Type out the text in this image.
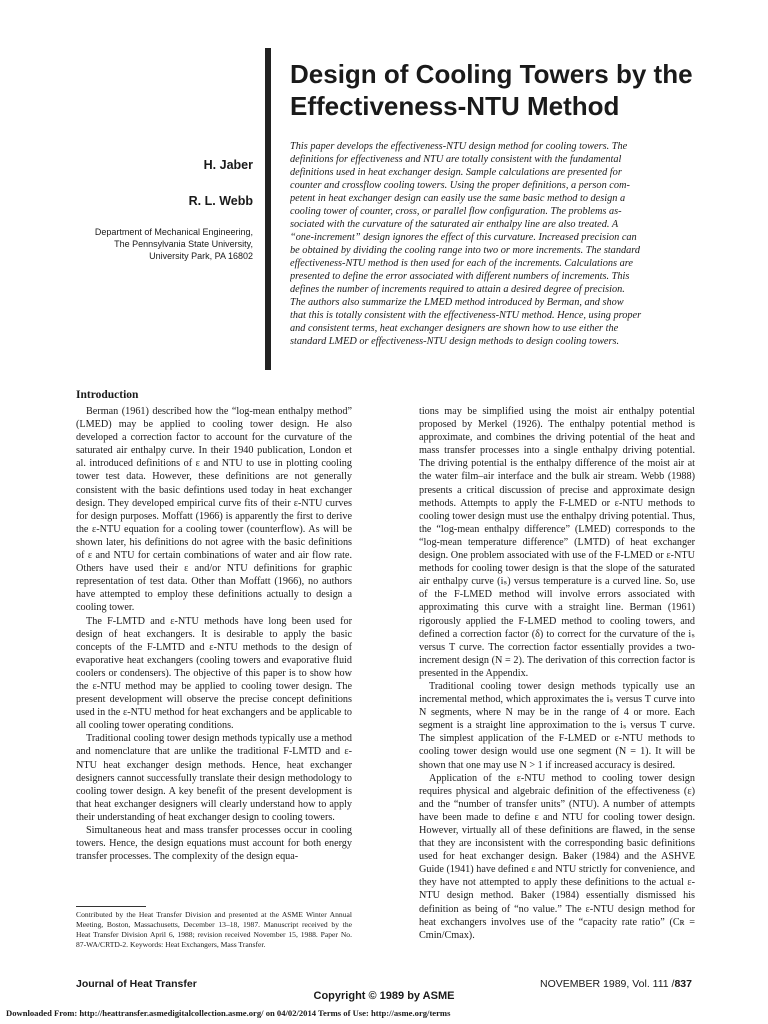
Design of Cooling Towers by the
Effectiveness-NTU Method
H. Jaber
R. L. Webb
Department of Mechanical Engineering,
The Pennsylvania State University,
University Park, PA 16802
This paper develops the effectiveness-NTU design method for cooling towers. The
definitions for effectiveness and NTU are totally consistent with the fundamental
definitions used in heat exchanger design. Sample calculations are presented for
counter and crossflow cooling towers. Using the proper definitions, a person com-
petent in heat exchanger design can easily use the same basic method to design a
cooling tower of counter, cross, or parallel flow configuration. The problems as-
sociated with the curvature of the saturated air enthalpy line are also treated. A
“one-increment” design ignores the effect of this curvature. Increased precision can
be obtained by dividing the cooling range into two or more increments. The standard
effectiveness-NTU method is then used for each of the increments. Calculations are
presented to define the error associated with different numbers of increments. This
defines the number of increments required to attain a desired degree of precision.
The authors also summarize the LMED method introduced by Berman, and show
that this is totally consistent with the effectiveness-NTU method. Hence, using proper
and consistent terms, heat exchanger designers are shown how to use either the
standard LMED or effectiveness-NTU design methods to design cooling towers.
Introduction

Berman (1961) described how the “log-mean enthalpy method” (LMED) may be applied to cooling tower design. He also developed a correction factor to account for the curvature of the saturated air enthalpy curve. In their 1940 publication, London et al. introduced definitions of ε and NTU to use in plotting cooling tower test data. However, these definitions are not generally consistent with the basic defintions used today in heat exchanger design. They developed empirical curve fits of their ε-NTU curves for design purposes. Moffatt (1966) is apparently the first to derive the ε-NTU equation for a cooling tower (counterflow). As will be shown later, his definitions do not agree with the basic definitions of ε and NTU for certain combinations of water and air flow rate. Others have used their ε and/or NTU definitions for graphic representation of test data. Other than Moffatt (1966), no authors have attempted to employ these definitions actually to design a cooling tower.

The F-LMTD and ε-NTU methods have long been used for design of heat exchangers. It is desirable to apply the basic concepts of the F-LMTD and ε-NTU methods to the design of evaporative heat exchangers (cooling towers and evaporative fluid coolers or condensers). The objective of this paper is to show how the ε-NTU method may be applied to cooling tower design. The present development will observe the precise concept definitions used in the ε-NTU method for heat exchangers and be applicable to all cooling tower operating conditions.

Traditional cooling tower design methods typically use a method and nomenclature that are unlike the traditional F-LMTD and ε-NTU heat exchanger design methods. Hence, heat exchanger designers cannot successfully translate their design methodology to cooling tower design. A key benefit of the present development is that heat exchanger designers will clearly understand how to apply their understanding of heat exchanger design to cooling towers.

Simultaneous heat and mass transfer processes occur in cooling towers. Hence, the design equations must account for both energy transfer processes. The complexity of the design equa-

tions may be simplified using the moist air enthalpy potential proposed by Merkel (1926). The enthalpy potential method is approximate, and combines the driving potential of the heat and mass transfer processes into a single enthalpy driving potential. The driving potential is the enthalpy difference of the moist air at the water film–air interface and the bulk air stream. Webb (1988) presents a critical discussion of precise and approximate design methods. Attempts to apply the F-LMED or ε-NTU methods to cooling tower design must use the enthalpy driving potential. Thus, the “log-mean enthalpy difference” (LMED) corresponds to the “log-mean temperature difference” (LMTD) of heat exchanger design. One problem associated with use of the F-LMED or ε-NTU methods for cooling tower design is that the slope of the saturated air enthalpy curve (iₛ) versus temperature is a curved line. So, use of the F-LMED method will involve errors associated with approximating this curve with a straight line. Berman (1961) rigorously applied the F-LMED method to cooling towers, and defined a correction factor (δ) to correct for the curvature of the iₛ versus T curve. The correction factor essentially provides a two-increment design (N = 2). The derivation of this correction factor is presented in the Appendix.

Traditional cooling tower design methods typically use an incremental method, which approximates the iₛ versus T curve into N segments, where N may be in the range of 4 or more. Each segment is a straight line approximation to the iₛ versus T curve. The simplest application of the F-LMED or ε-NTU methods to cooling tower design would use one segment (N = 1). It will be shown that one may use N > 1 if increased accuracy is desired.

Application of the ε-NTU method to cooling tower design requires physical and algebraic definition of the effectiveness (ε) and the “number of transfer units” (NTU). A number of attempts have been made to define ε and NTU for cooling tower design. However, virtually all of these definitions are flawed, in the sense that they are inconsistent with the corresponding basic definitions used for heat exchanger design. Baker (1984) and the ASHVE Guide (1941) have defined ε and NTU strictly for convenience, and they have not attempted to apply these definitions to the actual ε-NTU design method. Baker (1984) essentially dismissed his definition as being of “no value.” The ε-NTU design method for heat exchangers involves use of the “capacity rate ratio” (Cʀ = Cmin/Cmax).

Contributed by the Heat Transfer Division and presented at the ASME Winter Annual Meeting, Boston, Massachusetts, December 13–18, 1987. Manuscript received by the Heat Transfer Division April 6, 1988; revision received November 15, 1988. Paper No. 87-WA/CRTD-2. Keywords: Heat Exchangers, Mass Transfer.
Journal of Heat Transfer	NOVEMBER 1989, Vol. 111 /837
Copyright © 1989 by ASME
Downloaded From: http://heattransfer.asmedigitalcollection.asme.org/ on 04/02/2014 Terms of Use: http://asme.org/terms
